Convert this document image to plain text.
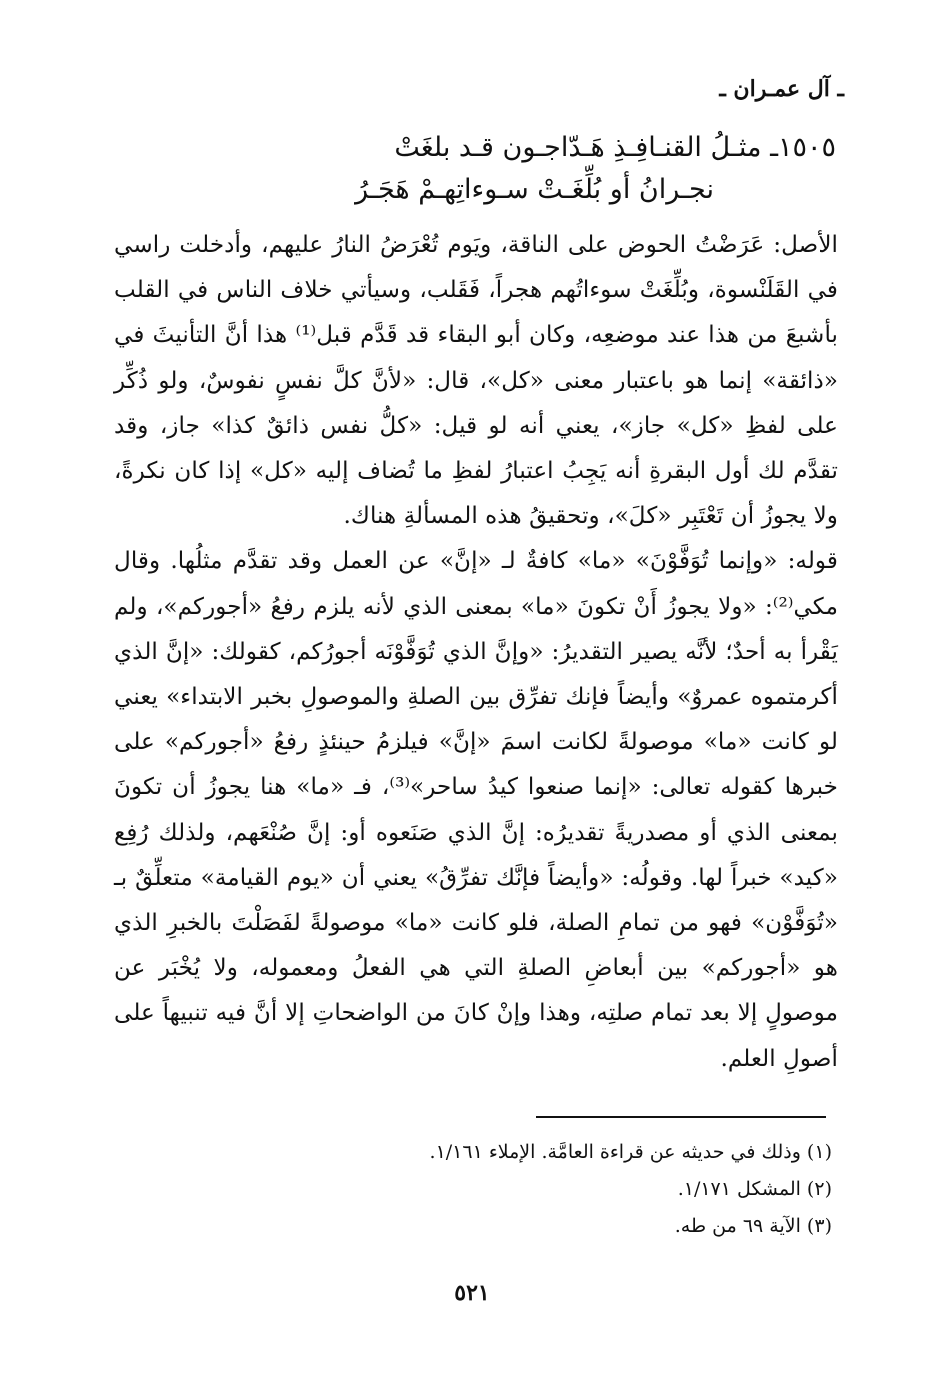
ـ آل عمـران ـ
١٥٠٥ـ مثـلُ القنـافِـذِ هَـدّاجـون قـد بلغَتْ
نجـرانُ أو بُلِّغَـتْ سـوءاتِهـمْ هَجَـرُ

الأصل: عَرَضْتُ الحوض على الناقة، ويَوم تُعْرَضُ النارُ عليهم، وأدخلت راسي في القَلَنْسوة، وبُلِّغَتْ سوءاتُهم هجراً، فَقَلب، وسيأتي خلاف الناس في القلب بأشبعَ من هذا عند موضعِه، وكان أبو البقاء قد قَدَّم قبل⁽¹⁾ هذا أنَّ التأنيثَ في «ذائقة» إنما هو باعتبار معنى «كل»، قال: «لأنَّ كلَّ نفسٍ نفوسٌ، ولو ذُكِّر على لفظِ «كل» جاز»، يعني أنه لو قيل: «كلُّ نفس ذائقٌ كذا» جاز، وقد تقدَّم لك أول البقرةِ أنه يَجِبُ اعتبارُ لفظِ ما تُضاف إليه «كل» إذا كان نكرةً، ولا يجوزُ أن تَعْتَبِر «كلَ»، وتحقيقُ هذه المسألةِ هناك.

قوله: «وإنما تُوَفَّوْنَ» «ما» كافةٌ لـ «إنَّ» عن العمل وقد تقدَّم مثلُها. وقال مكي⁽²⁾: «ولا يجوزُ أَنْ تكونَ «ما» بمعنى الذي لأنه يلزم رفعُ «أجوركم»، ولم يَقْرأ به أحدٌ؛ لأنَّه يصير التقديرُ: «وإنَّ الذي تُوَفَّوْنَه أجورُكم، كقولك: «إنَّ الذي أكرمتموه عمروٌ» وأيضاً فإنك تفرِّق بين الصلةِ والموصولِ بخبر الابتداء» يعني لو كانت «ما» موصولةً لكانت اسمَ «إنَّ» فيلزمُ حينئذٍ رفعُ «أجوركم» على خبرها كقوله تعالى: «إنما صنعوا كيدُ ساحر»⁽³⁾، فـ «ما» هنا يجوزُ أن تكونَ بمعنى الذي أو مصدريةً تقديرُه: إنَّ الذي صَنَعوه أو: إنَّ صُنْعَهم، ولذلك رُفِع «كيد» خبراً لها. وقولُه: «وأيضاً فإنَّك تفرِّقُ» يعني أن «يوم القيامة» متعلِّقٌ بـ «تُوَفَّوْن» فهو من تمامِ الصلة، فلو كانت «ما» موصولةً لفَصَلْتَ بالخبرِ الذي هو «أجوركم» بين أبعاضِ الصلةِ التي هي الفعلُ ومعموله، ولا يُخْبَر عن موصولٍ إلا بعد تمام صلتِه، وهذا وإنْ كانَ من الواضحاتِ إلا أنَّ فيه تنبيهاً على أصولِ العلم.

(١) وذلك في حديثه عن قراءة العامَّة. الإملاء ١/١٦١.
(٢) المشكل ١/١٧١.
(٣) الآية ٦٩ من طه.
٥٢١
